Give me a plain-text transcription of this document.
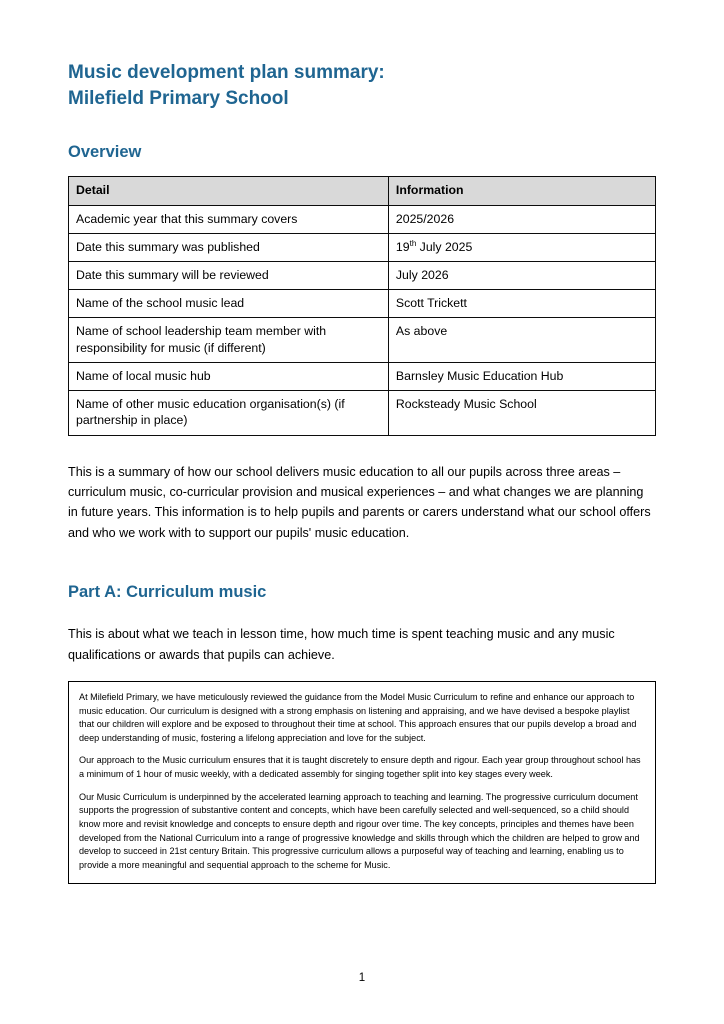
Music development plan summary:
Milefield Primary School
Overview
Detail	Information
Academic year that this summary covers	2025/2026
Date this summary was published	19th July 2025
Date this summary will be reviewed	July 2026
Name of the school music lead	Scott Trickett
Name of school leadership team member with responsibility for music (if different)	As above
Name of local music hub	Barnsley Music Education Hub
Name of other music education organisation(s) (if partnership in place)	Rocksteady Music School

This is a summary of how our school delivers music education to all our pupils across three areas – curriculum music, co-curricular provision and musical experiences – and what changes we are planning in future years. This information is to help pupils and parents or carers understand what our school offers and who we work with to support our pupils' music education.

Part A: Curriculum music

This is about what we teach in lesson time, how much time is spent teaching music and any music qualifications or awards that pupils can achieve.

At Milefield Primary, we have meticulously reviewed the guidance from the Model Music Curriculum to refine and enhance our approach to music education. Our curriculum is designed with a strong emphasis on listening and appraising, and we have devised a bespoke playlist that our children will explore and be exposed to throughout their time at school. This approach ensures that our pupils develop a broad and deep understanding of music, fostering a lifelong appreciation and love for the subject.

Our approach to the Music curriculum ensures that it is taught discretely to ensure depth and rigour. Each year group throughout school has a minimum of 1 hour of music weekly, with a dedicated assembly for singing together split into key stages every week.

Our Music Curriculum is underpinned by the accelerated learning approach to teaching and learning. The progressive curriculum document supports the progression of substantive content and concepts, which have been carefully selected and well-sequenced, so a child should know more and revisit knowledge and concepts to ensure depth and rigour over time. The key concepts, principles and themes have been developed from the National Curriculum into a range of progressive knowledge and skills through which the children are helped to grow and develop to succeed in 21st century Britain. This progressive curriculum allows a purposeful way of teaching and learning, enabling us to provide a more meaningful and sequential approach to the scheme for Music.

1
